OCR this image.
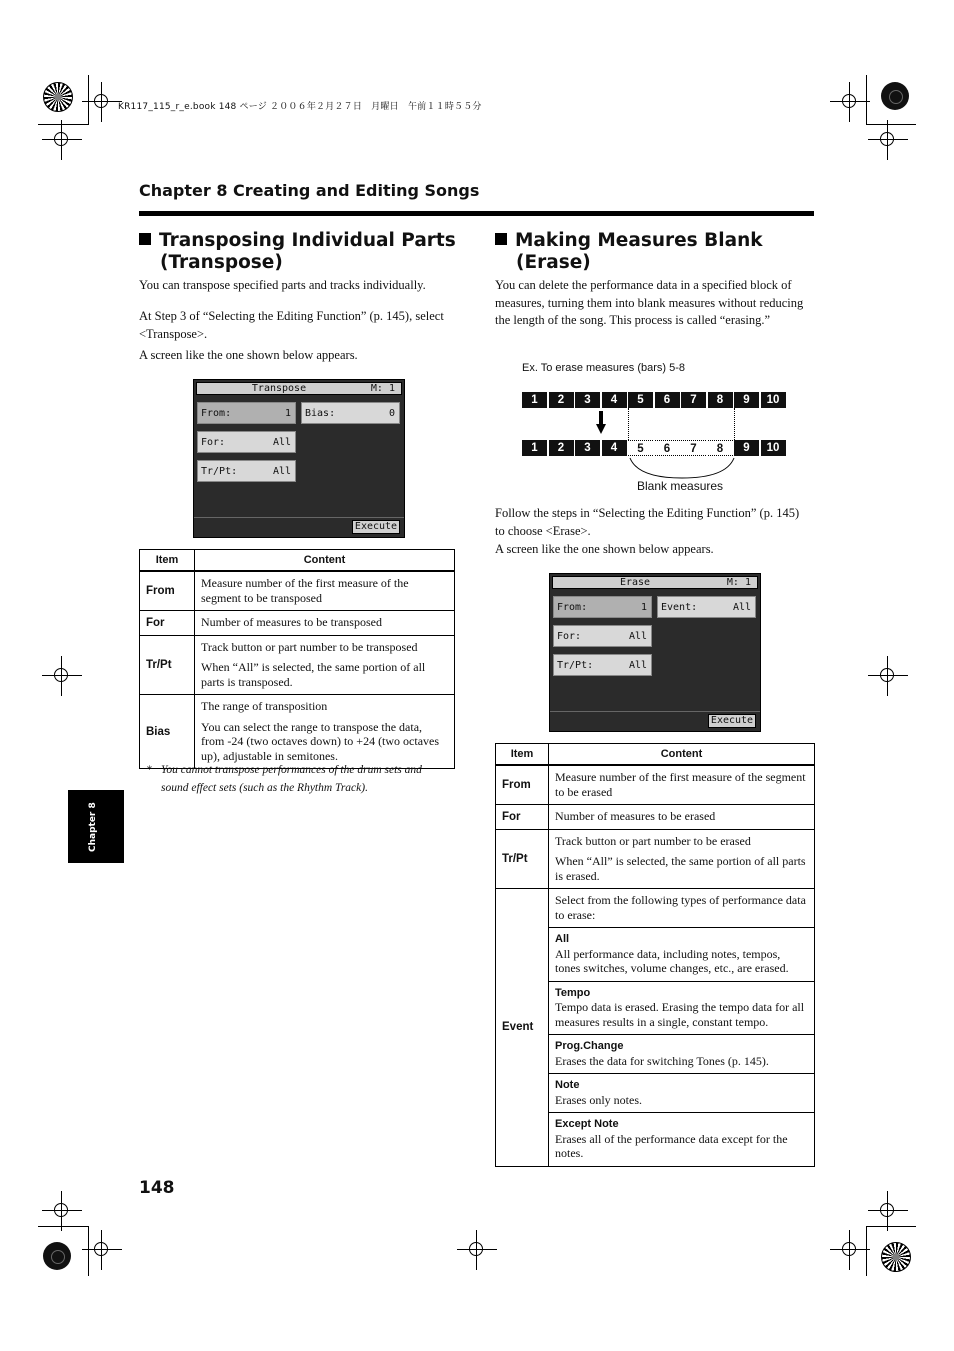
KR117_115_r_e.book 148 ページ ２００６年２月２７日　月曜日　午前１１時５５分
Chapter 8 Creating and Editing Songs
Transposing Individual Parts
(Transpose)

You can transpose specified parts and tracks individually.

At Step 3 of “Selecting the Editing Function” (p. 145), select <Transpose>.

A screen like the one shown below appears.

Transpose	M: 1
From:	1 Bias:	0
For:	All
Tr/Pt:	All
Execute
Item	Content
From	Measure number of the first measure of the segment to be transposed

For	Number of measures to be transposed

Tr/Pt	Track button or part number to be transposed
When “All” is selected, the same portion of all parts is transposed.

Bias	The range of transposition
You can select the range to transpose the data, from -24 (two octaves down) to +24 (two octaves up), adjustable in semitones.
* You cannot transpose performances of the drum sets and sound effect sets (such as the Rhythm Track).
Chapter 8
Making Measures Blank
(Erase)

You can delete the performance data in a specified block of measures, turning them into blank measures without reducing the length of the song. This process is called “erasing.”

Ex. To erase measures (bars) 5-8
1	2	3	4	5	6	7	8	9	10
1	2	3	4	5	6	7	8	9	10
Blank measures

Follow the steps in “Selecting the Editing Function” (p. 145) to choose <Erase>.

A screen like the one shown below appears.

Erase	M: 1
From:	1 Event:	All
For:	All
Tr/Pt:	All
Execute
Item	Content
From	Measure number of the first measure of the segment to be erased
For	Number of measures to be erased
Tr/Pt	Track button or part number to be erased
When “All” is selected, the same portion of all parts is erased.

Event	Select from the following types of performance data to erase:

	All
All performance data, including notes, tempos, tones switches, volume changes, etc., are erased.

	Tempo
Tempo data is erased. Erasing the tempo data for all measures results in a single, constant tempo.

	Prog.Change
Erases the data for switching Tones (p. 145).

	Note
Erases only notes.

	Except Note
Erases all of the performance data except for the notes.
148
